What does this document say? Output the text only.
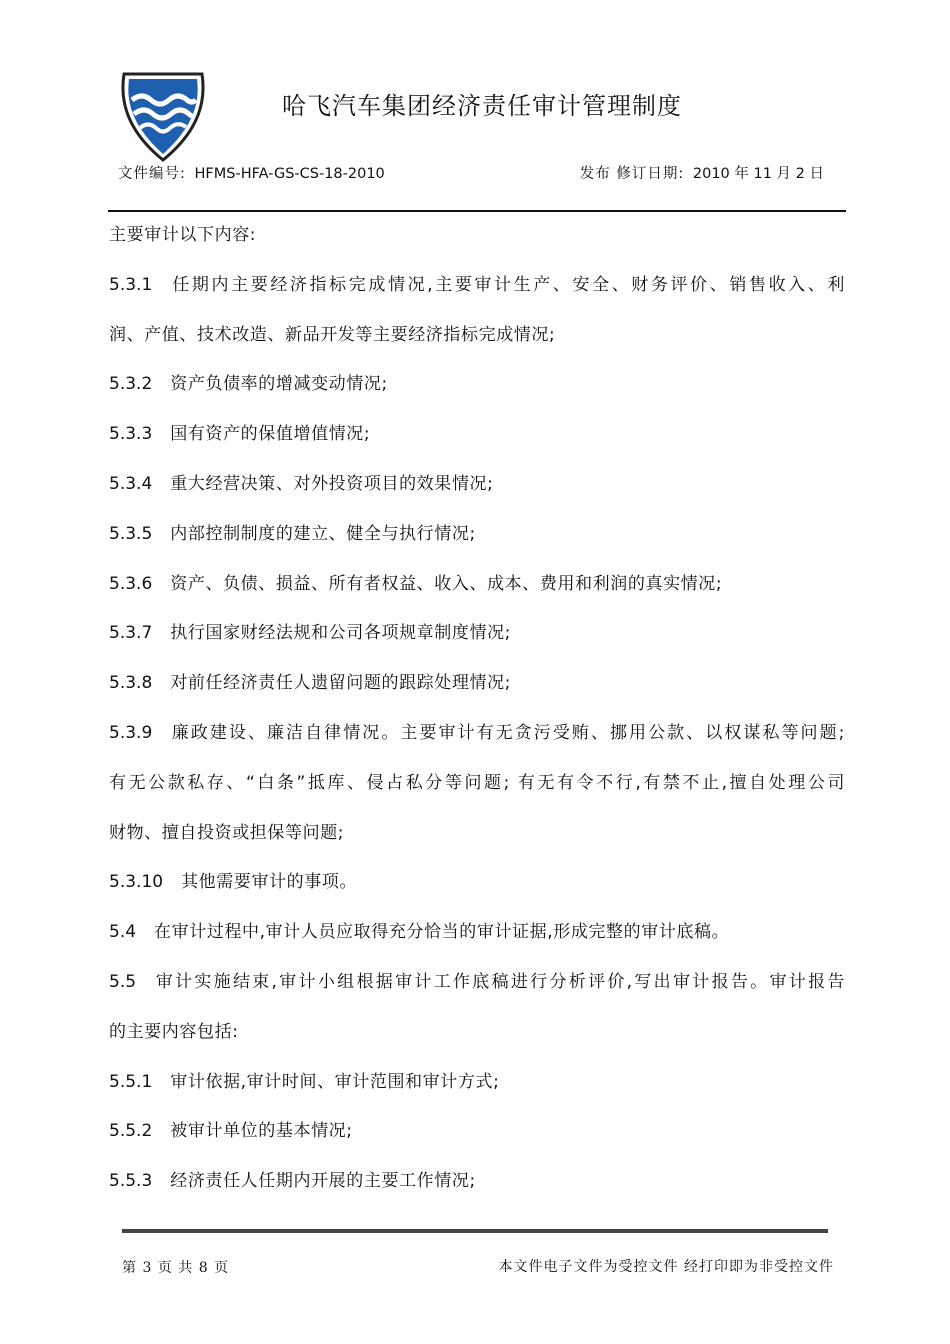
哈飞汽车集团经济责任审计管理制度
文件编号: HFMS-HFA-GS-CS-18-2010	发布 修订日期: 2010 年 11 月 2 日
主要审计以下内容:
5.3.1 任期内主要经济指标完成情况,主要审计生产、安全、财务评价、销售收入、利
润、产值、技术改造、新品开发等主要经济指标完成情况;
5.3.2 资产负债率的增减变动情况;
5.3.3 国有资产的保值增值情况;
5.3.4 重大经营决策、对外投资项目的效果情况;
5.3.5 内部控制制度的建立、健全与执行情况;
5.3.6 资产、负债、损益、所有者权益、收入、成本、费用和利润的真实情况;
5.3.7 执行国家财经法规和公司各项规章制度情况;
5.3.8 对前任经济责任人遗留问题的跟踪处理情况;
5.3.9 廉政建设、廉洁自律情况。主要审计有无贪污受贿、挪用公款、以权谋私等问题;
有无公款私存、“白条”抵库、侵占私分等问题; 有无有令不行,有禁不止,擅自处理公司
财物、擅自投资或担保等问题;
5.3.10 其他需要审计的事项。
5.4 在审计过程中,审计人员应取得充分恰当的审计证据,形成完整的审计底稿。
5.5 审计实施结束,审计小组根据审计工作底稿进行分析评价,写出审计报告。审计报告
的主要内容包括:
5.5.1 审计依据,审计时间、审计范围和审计方式;
5.5.2 被审计单位的基本情况;
5.5.3 经济责任人任期内开展的主要工作情况;
第 3 页 共 8 页	本文件电子文件为受控文件 经打印即为非受控文件
